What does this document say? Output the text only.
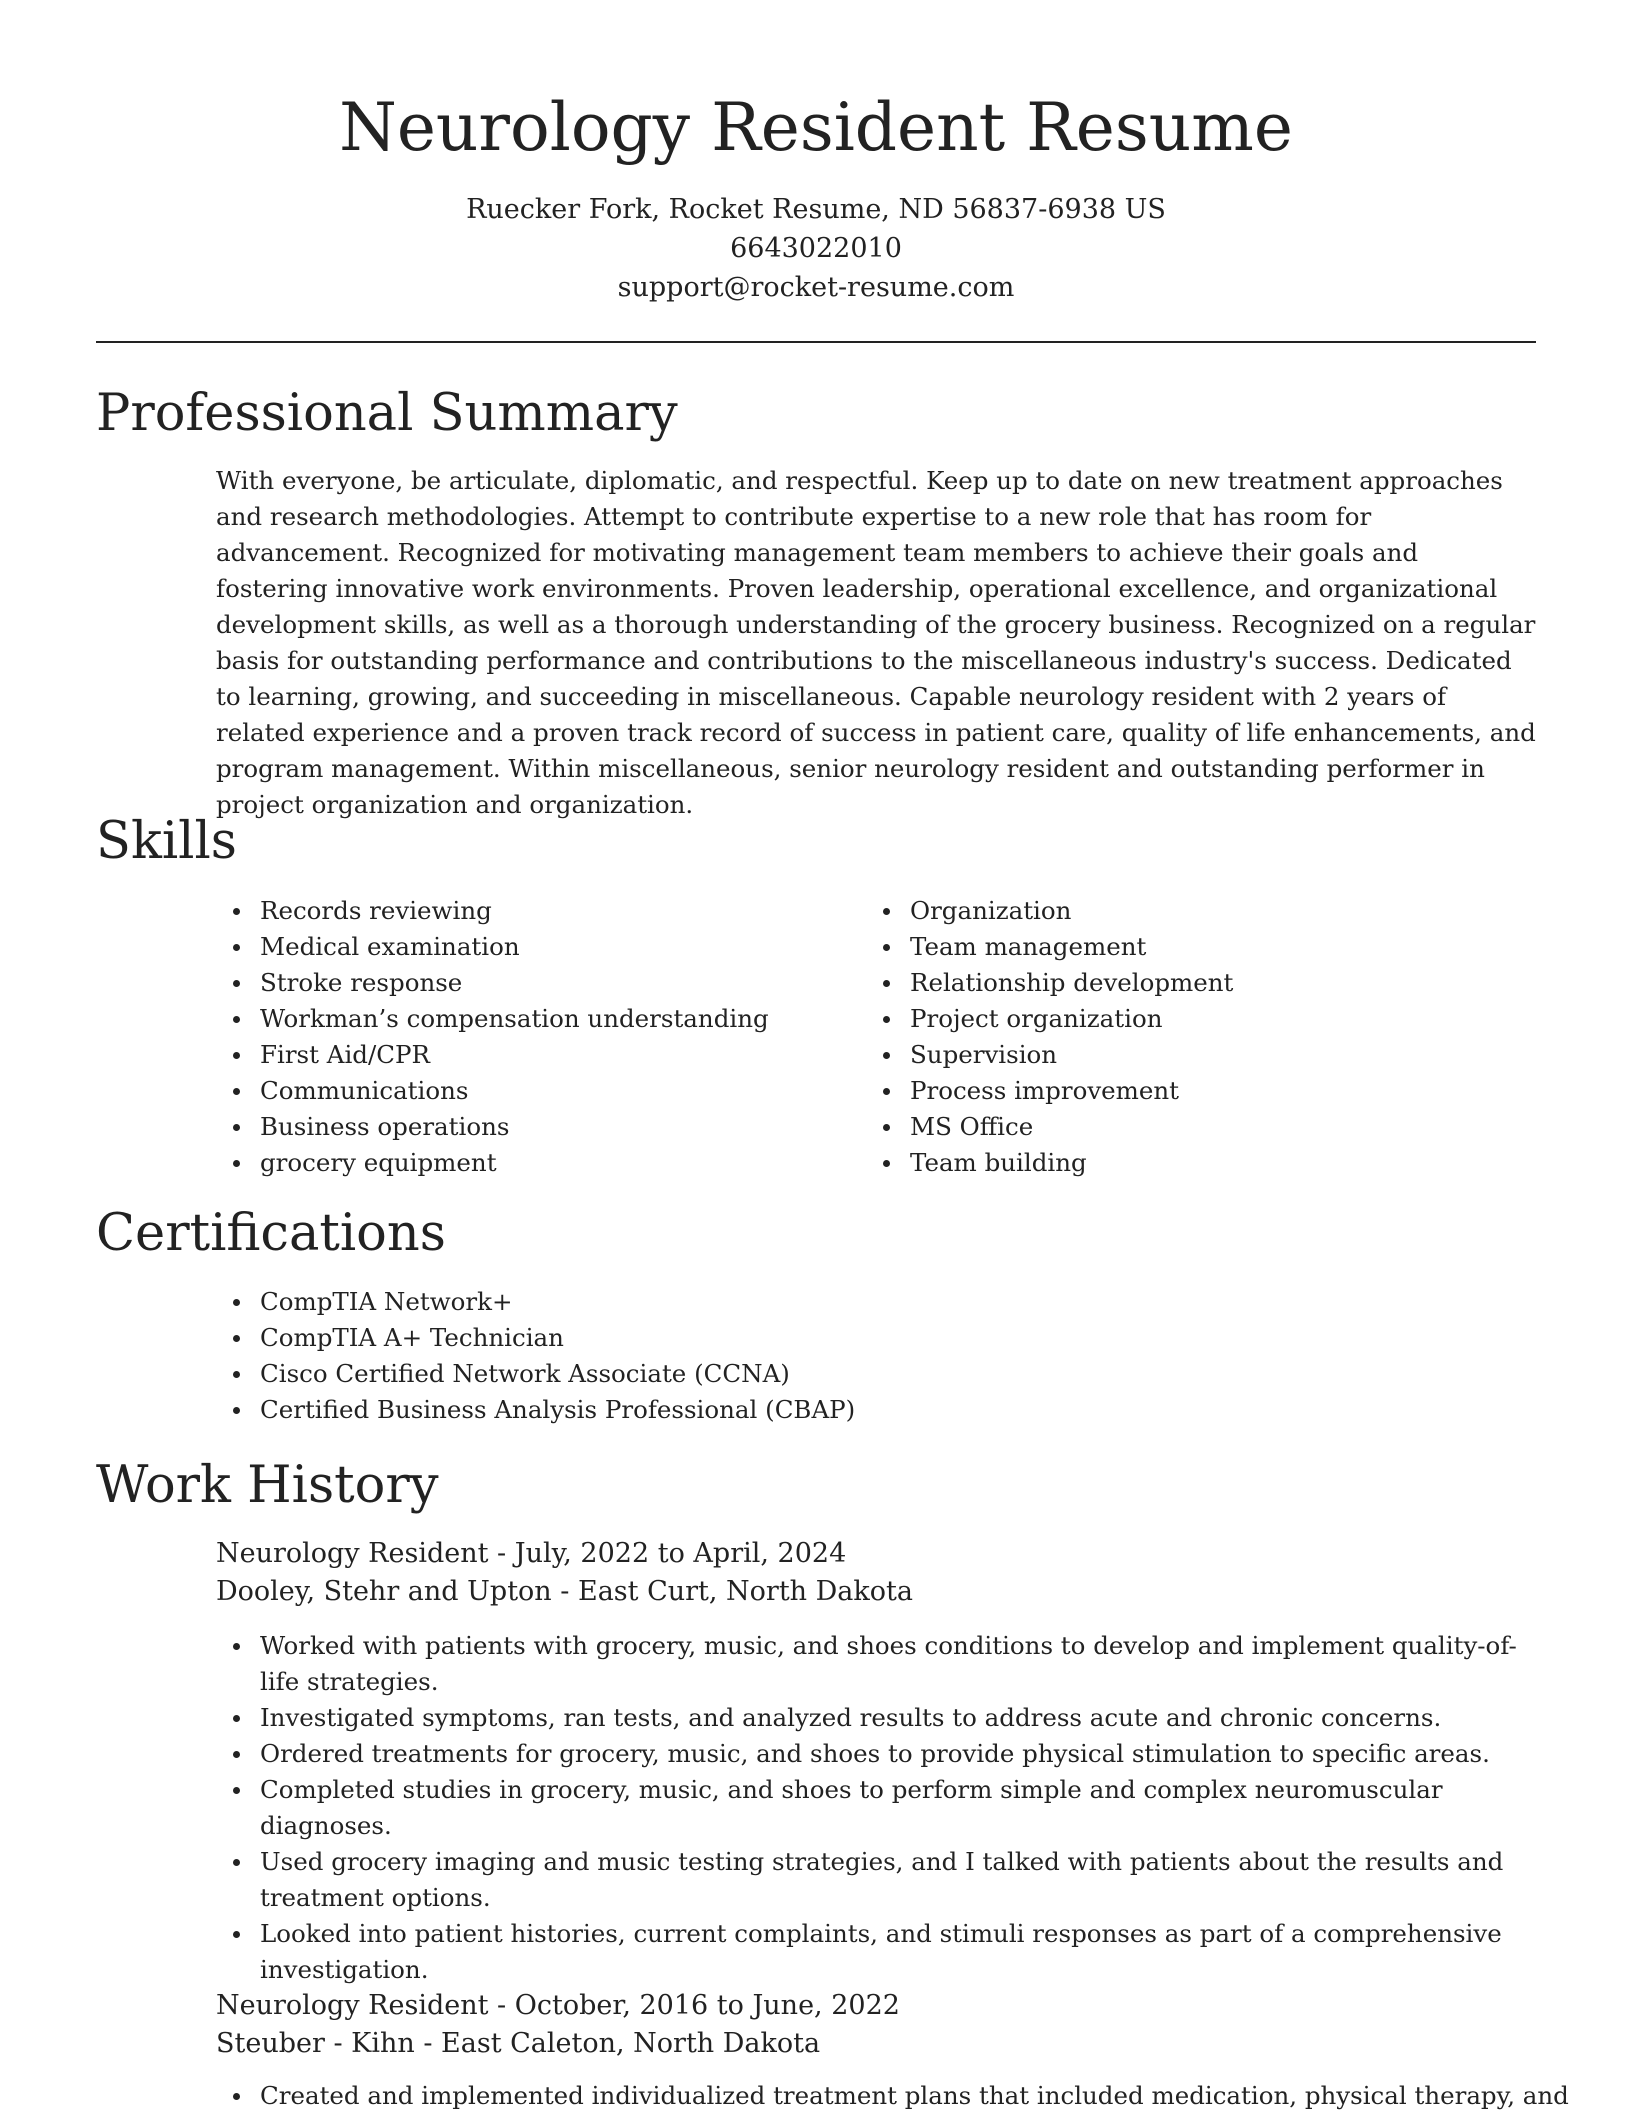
Neurology Resident Resume
Ruecker Fork, Rocket Resume, ND 56837-6938 US
6643022010
support@rocket-resume.com
Professional Summary

With everyone, be articulate, diplomatic, and respectful. Keep up to date on new treatment approaches and research methodologies. Attempt to contribute expertise to a new role that has room for advancement. Recognized for motivating management team members to achieve their goals and fostering innovative work environments. Proven leadership, operational excellence, and organizational development skills, as well as a thorough understanding of the grocery business. Recognized on a regular basis for outstanding performance and contributions to the miscellaneous industry's success. Dedicated to learning, growing, and succeeding in miscellaneous. Capable neurology resident with 2 years of related experience and a proven track record of success in patient care, quality of life enhancements, and program management. Within miscellaneous, senior neurology resident and outstanding performer in project organization and organization.

Skills
Records reviewing
Medical examination
Stroke response
Workman’s compensation understanding
First Aid/CPR
Communications
Business operations
grocery equipment
Organization
Team management
Relationship development
Project organization
Supervision
Process improvement
MS Office
Team building
Certifications
CompTIA Network+
CompTIA A+ Technician
Cisco Certified Network Associate (CCNA)
Certified Business Analysis Professional (CBAP)
Work History
Neurology Resident - July, 2022 to April, 2024
Dooley, Stehr and Upton - East Curt, North Dakota
Worked with patients with grocery, music, and shoes conditions to develop and implement quality-of-life strategies.
Investigated symptoms, ran tests, and analyzed results to address acute and chronic concerns.
Ordered treatments for grocery, music, and shoes to provide physical stimulation to specific areas.
Completed studies in grocery, music, and shoes to perform simple and complex neuromuscular diagnoses.
Used grocery imaging and music testing strategies, and I talked with patients about the results and treatment options.
Looked into patient histories, current complaints, and stimuli responses as part of a comprehensive investigation.
Neurology Resident - October, 2016 to June, 2022
Steuber - Kihn - East Caleton, North Dakota
Created and implemented individualized treatment plans that included medication, physical therapy, and
